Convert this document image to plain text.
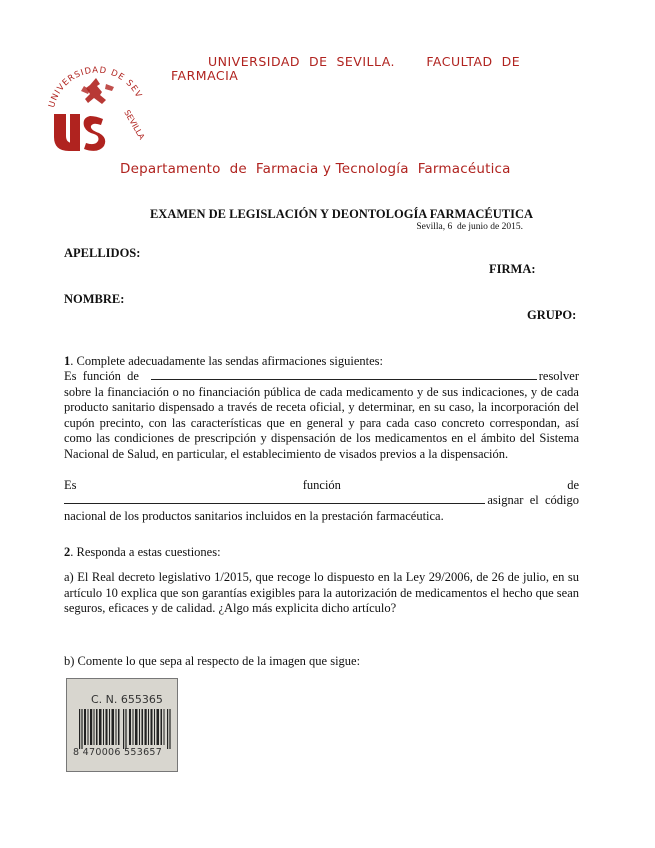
UNIVERSIDAD DE SEV
SEVILLA
UNIVERSIDAD  DE  SEVILLA.       FACULTAD  DE
FARMACIA
Departamento  de  Farmacia y Tecnología  Farmacéutica
EXAMEN DE LEGISLACIÓN Y DEONTOLOGÍA FARMACÉUTICA
Sevilla, 6  de junio de 2015.
APELLIDOS:
FIRMA:
NOMBRE:
GRUPO:
1. Complete adecuadamente las sendas afirmaciones siguientes:
Es  función  de	resolver
sobre la financiación o no financiación pública de cada medicamento y de sus indicaciones, y de cada producto sanitario dispensado a través de receta oficial, y determinar, en su caso, la incorporación del cupón precinto, con las características que en general y para cada caso concreto correspondan, así como las condiciones de prescripción y dispensación de los medicamentos en el ámbito del Sistema Nacional de Salud, en particular, el establecimiento de visados previos a la dispensación.
Es	función	de
asignar  el  código
nacional de los productos sanitarios incluidos en la prestación farmacéutica.
2. Responda a estas cuestiones:
a) El Real decreto legislativo 1/2015, que recoge lo dispuesto en la Ley 29/2006, de 26 de julio, en su artículo 10 explica que son garantías exigibles para la autorización de medicamentos el hecho que sean seguros, eficaces y de calidad. ¿Algo más explicita dicho artículo?
b) Comente lo que sepa al respecto de la imagen que sigue:
C. N. 655365
8 470006 553657
